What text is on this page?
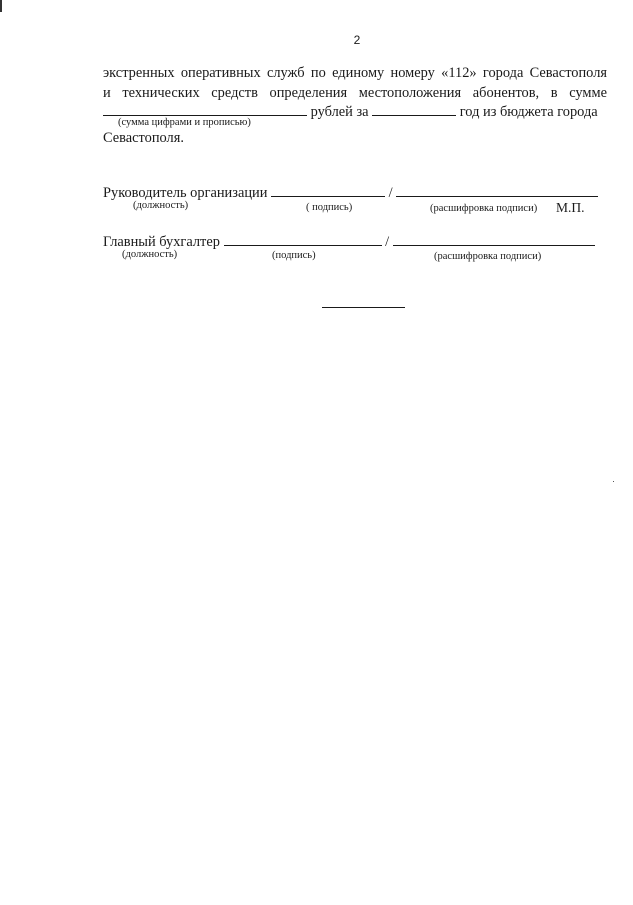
2
экстренных оперативных служб по единому номеру «112» города Севастополя
и технических средств определения местоположения абонентов, в сумме
рублей за	год из бюджета города
(сумма цифрами и прописью)
Севастополя.
Руководитель организации	/
(должность)	( подпись)	(расшифровка подписи) М.П.
Главный бухгалтер	/
(должность)	(подпись)	(расшифровка подписи)
